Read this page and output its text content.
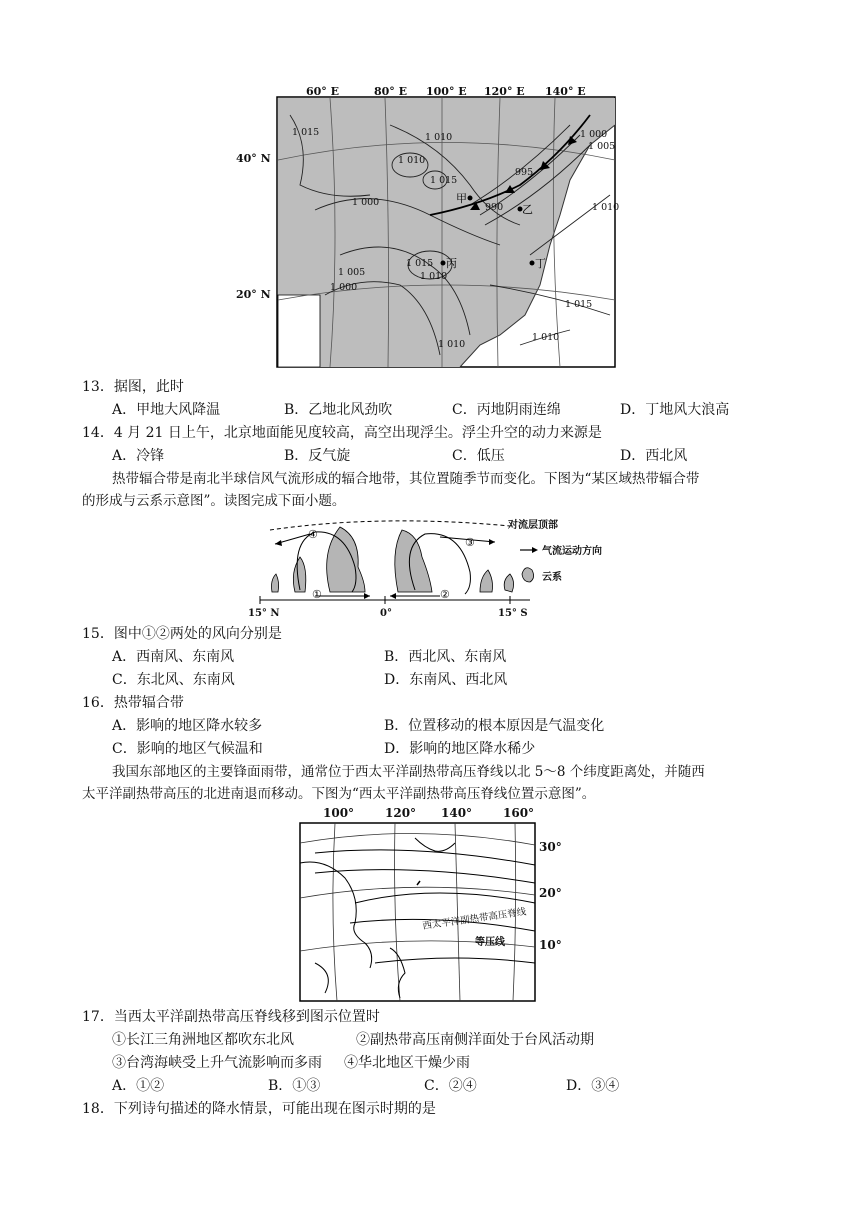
60° E	80° E 100° E 120° E 140° E
1 015	1 010
1 010
1 015
1 000
995
990
1 000
1 005
1 010
1 015
1 010
1 005
1 000
1 015
1 010
1 010
甲
乙
丙	丁
40° N
20° N
13．据图，此时
A．甲地大风降温	B．乙地北风劲吹	C．丙地阴雨连绵	D．丁地风大浪高
14．4 月 21 日上午，北京地面能见度较高，高空出现浮尘。浮尘升空的动力来源是
A．冷锋	B．反气旋	C．低压	D．西北风
热带辐合带是南北半球信风气流形成的辐合地带，其位置随季节而变化。下图为“某区域热带辐合带
的形成与云系示意图”。读图完成下面小题。
①	②
③
④
对流层顶部
气流运动方向
云系
15° N	0°	15° S
15．图中①②两处的风向分别是
A．西南风、东南风	B．西北风、东南风
C．东北风、东南风	D．东南风、西北风
16．热带辐合带
A．影响的地区降水较多	B．位置移动的根本原因是气温变化
C．影响的地区气候温和	D．影响的地区降水稀少
我国东部地区的主要锋面雨带，通常位于西太平洋副热带高压脊线以北 5～8 个纬度距离处，并随西
太平洋副热带高压的北进南退而移动。下图为“西太平洋副热带高压脊线位置示意图”。
100°	120° 140°	160°
30°
20°
10°
西太平洋副热带高压脊线
等压线
17．当西太平洋副热带高压脊线移到图示位置时
①长江三角洲地区都吹东北风	②副热带高压南侧洋面处于台风活动期
③台湾海峡受上升气流影响而多雨 ④华北地区干燥少雨
A．①②	B．①③	C．②④	D．③④
18．下列诗句描述的降水情景，可能出现在图示时期的是
